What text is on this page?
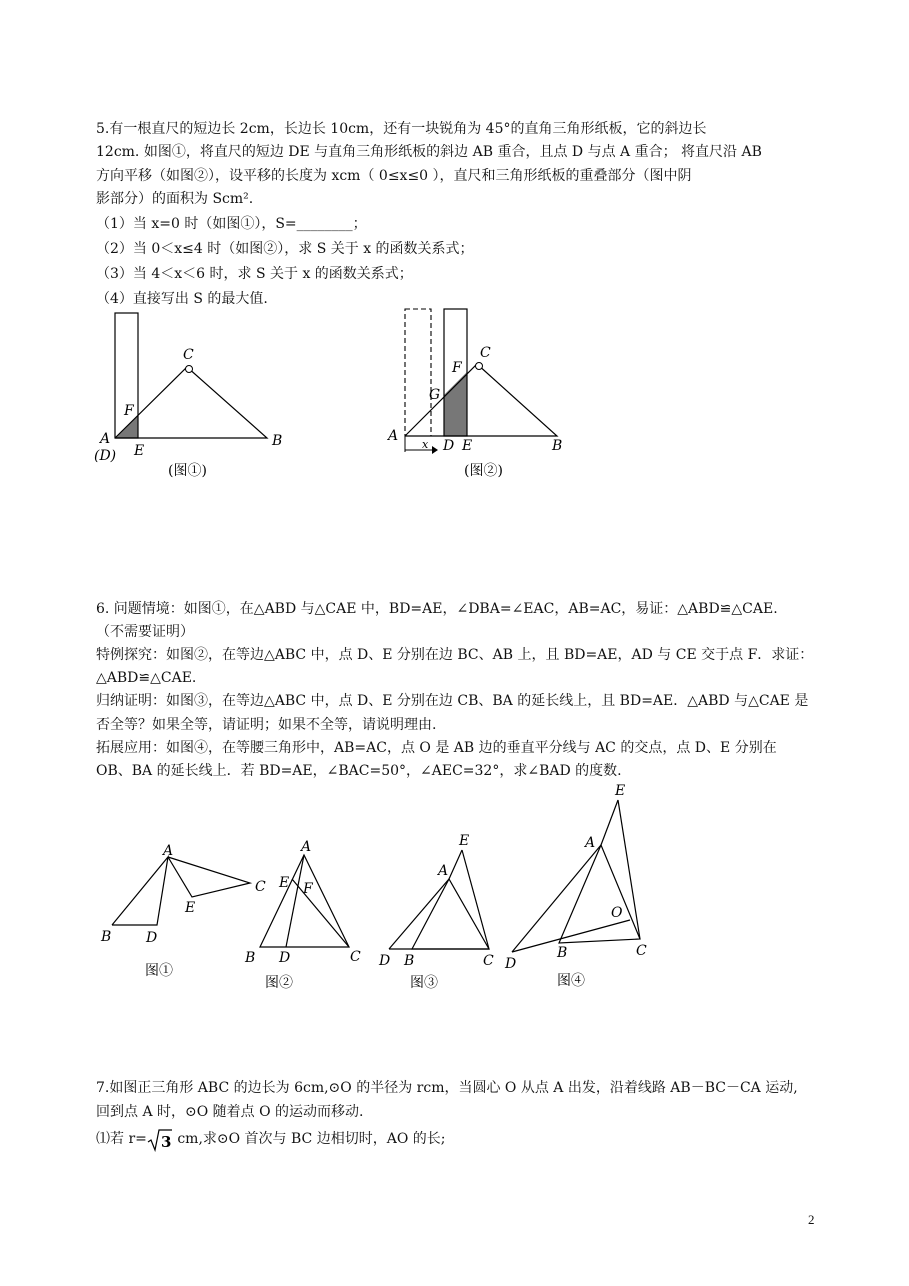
5.有一根直尺的短边长 2cm，长边长 10cm，还有一块锐角为 45°的直角三角形纸板，它的斜边长

12cm. 如图①，将直尺的短边 DE 与直角三角形纸板的斜边 AB 重合，且点 D 与点 A 重合； 将直尺沿 AB

方向平移（如图②），设平移的长度为 xcm（ 0≤x≤0 ），直尺和三角形纸板的重叠部分（图中阴

影部分）的面积为 Scm².

（1）当 x=0 时（如图①），S=________；

（2）当 0＜x≤4 时（如图②），求 S 关于 x 的函数关系式；

（3）当 4＜x＜6 时，求 S 关于 x 的函数关系式；

（4）直接写出 S 的最大值.

A
(D) E
F
C
B
(图①)
A
x D E
G
F
C
B
(图②)

6. 问题情境：如图①，在△ABD 与△CAE 中，BD=AE，∠DBA=∠EAC，AB=AC，易证：△ABD≌△CAE.

（不需要证明）

特例探究：如图②，在等边△ABC 中，点 D、E 分别在边 BC、AB 上，且 BD=AE，AD 与 CE 交于点 F．求证：

△ABD≌△CAE.

归纳证明：如图③，在等边△ABC 中，点 D、E 分别在边 CB、BA 的延长线上，且 BD=AE．△ABD 与△CAE 是

否全等？如果全等，请证明；如果不全等，请说明理由.

拓展应用：如图④，在等腰三角形中，AB=AC，点 O 是 AB 边的垂直平分线与 AC 的交点，点 D、E 分别在

OB、BA 的延长线上．若 BD=AE，∠BAC=50°，∠AEC=32°，求∠BAD 的度数.

A
B D
C
E
图①
A
E F
B D	C
图②
E
A
D B	C
图③
E
A
O
B	C
D
图④

7.如图正三角形 ABC 的边长为 6cm,⊙O 的半径为 rcm，当圆心 O 从点 A 出发，沿着线路 AB－BC－CA 运动,

回到点 A 时，⊙O 随着点 O 的运动而移动.

⑴若 r= 3 cm,求⊙O 首次与 BC 边相切时，AO 的长;

2
